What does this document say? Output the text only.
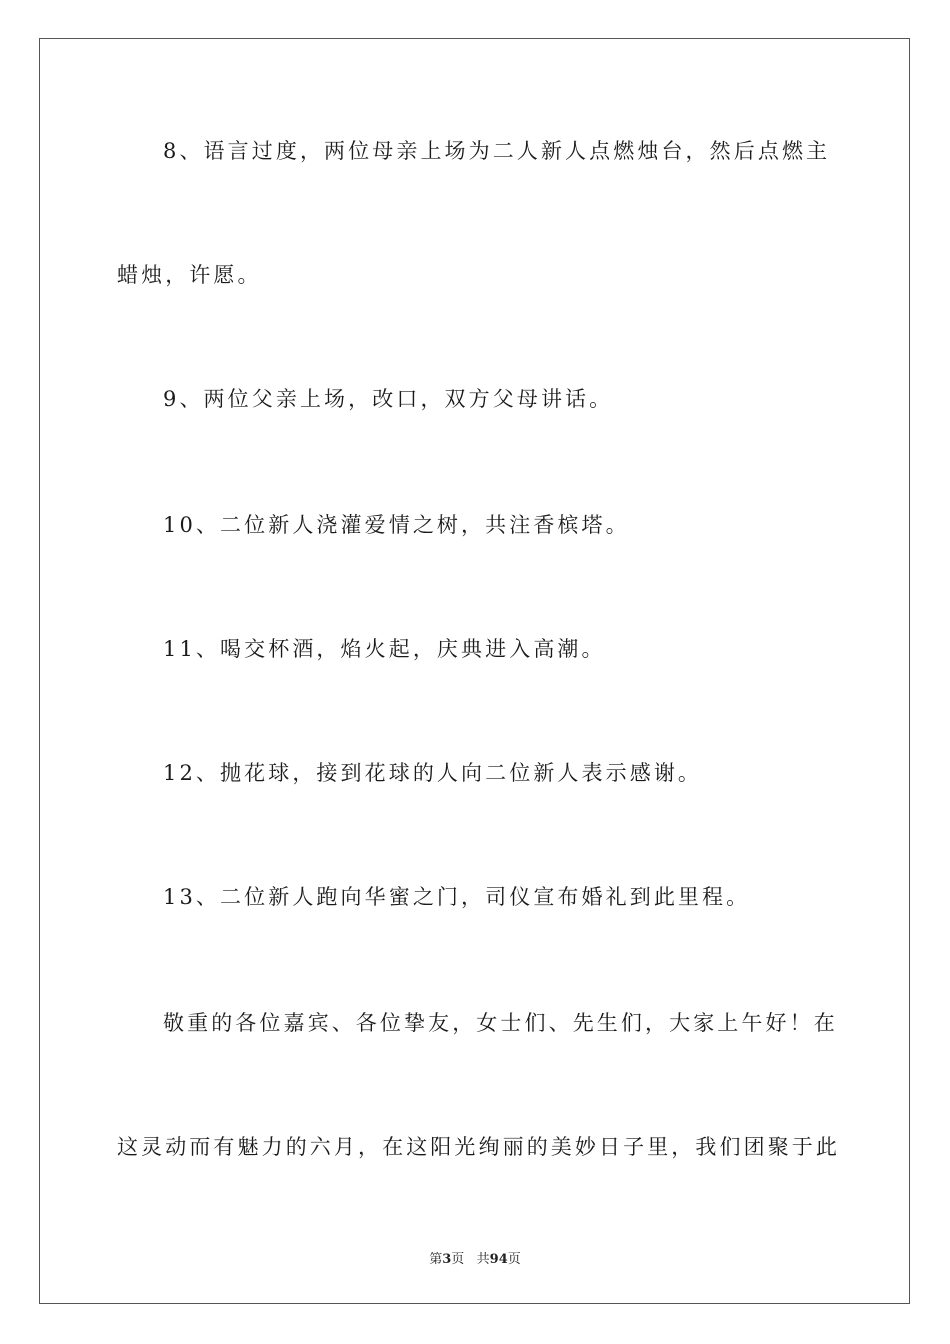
8、语言过度，两位母亲上场为二人新人点燃烛台，然后点燃主
蜡烛，许愿。
9、两位父亲上场，改口，双方父母讲话。
10、二位新人浇灌爱情之树，共注香槟塔。
11、喝交杯酒，焰火起，庆典进入高潮。
12、抛花球，接到花球的人向二位新人表示感谢。
13、二位新人跑向华蜜之门，司仪宣布婚礼到此里程。
敬重的各位嘉宾、各位挚友，女士们、先生们，大家上午好！在
这灵动而有魅力的六月，在这阳光绚丽的美妙日子里，我们团聚于此
第3页   共94页
